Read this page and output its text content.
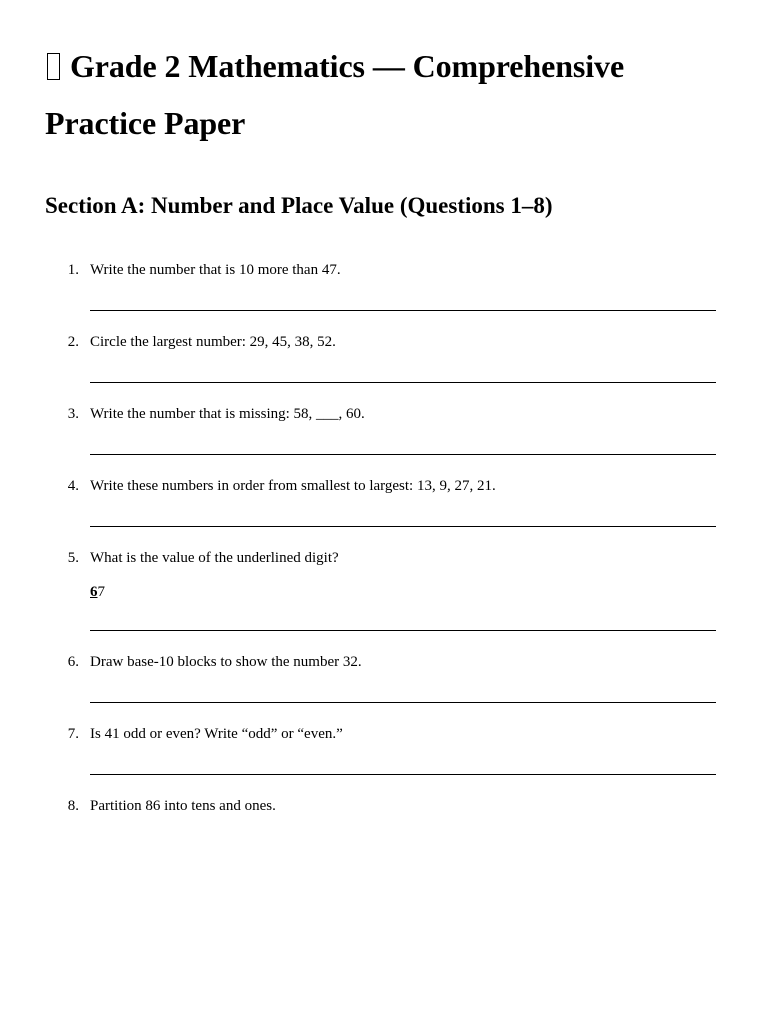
Grade 2 Mathematics — Comprehensive Practice Paper
Section A: Number and Place Value (Questions 1–8)
1. Write the number that is 10 more than 47.
2. Circle the largest number: 29, 45, 38, 52.
3. Write the number that is missing: 58, ___, 60.
4. Write these numbers in order from smallest to largest: 13, 9, 27, 21.
5. What is the value of the underlined digit?
67
6. Draw base-10 blocks to show the number 32.
7. Is 41 odd or even? Write “odd” or “even.”
8. Partition 86 into tens and ones.
